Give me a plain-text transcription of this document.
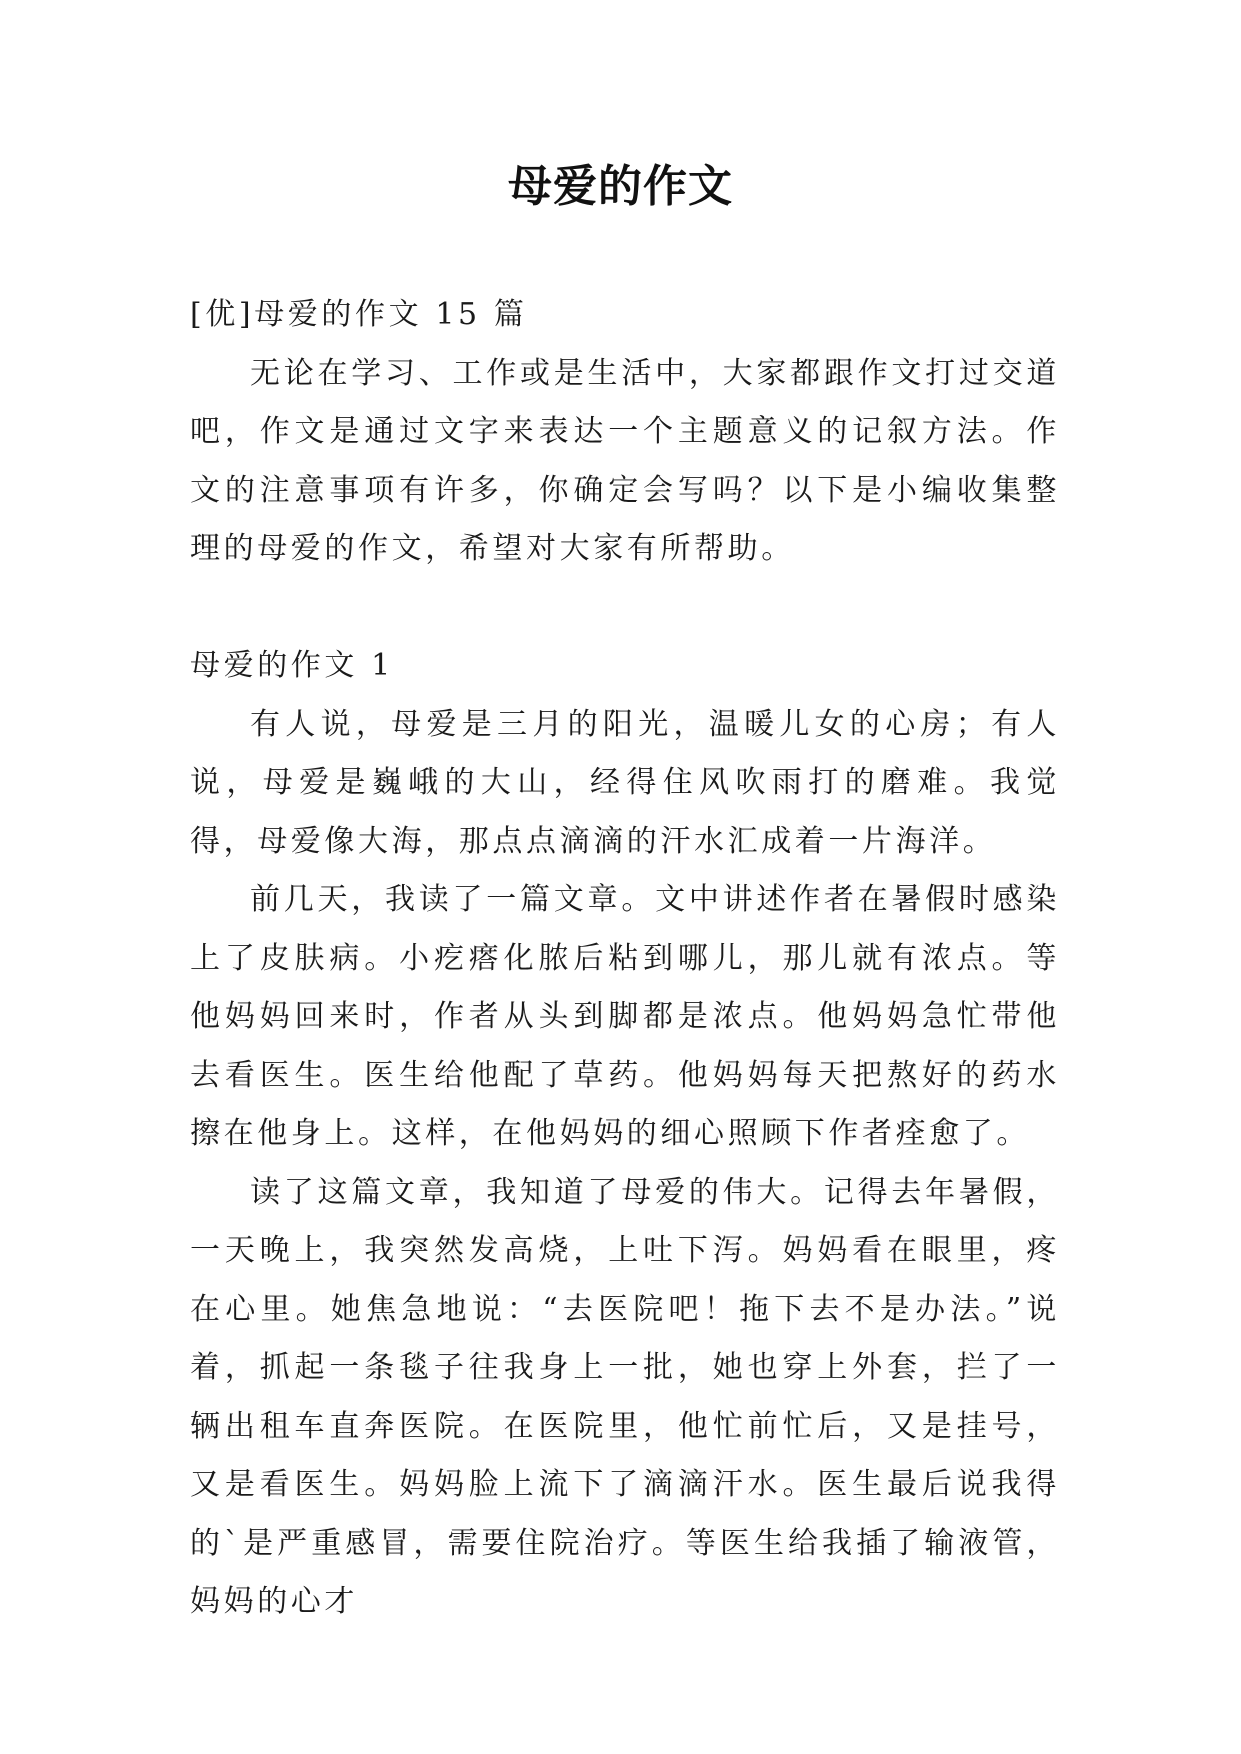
母爱的作文

[优]母爱的作文 15 篇

无论在学习、工作或是生活中，大家都跟作文打过交道吧，作文是通过文字来表达一个主题意义的记叙方法。作文的注意事项有许多，你确定会写吗？以下是小编收集整理的母爱的作文，希望对大家有所帮助。

母爱的作文 1

有人说，母爱是三月的阳光，温暖儿女的心房；有人说，母爱是巍峨的大山，经得住风吹雨打的磨难。我觉得，母爱像大海，那点点滴滴的汗水汇成着一片海洋。

前几天，我读了一篇文章。文中讲述作者在暑假时感染上了皮肤病。小疙瘩化脓后粘到哪儿，那儿就有浓点。等他妈妈回来时，作者从头到脚都是浓点。他妈妈急忙带他去看医生。医生给他配了草药。他妈妈每天把熬好的药水擦在他身上。这样，在他妈妈的细心照顾下作者痊愈了。

读了这篇文章，我知道了母爱的伟大。记得去年暑假，一天晚上，我突然发高烧，上吐下泻。妈妈看在眼里，疼在心里。她焦急地说：“去医院吧！拖下去不是办法。”说着，抓起一条毯子往我身上一批，她也穿上外套，拦了一辆出租车直奔医院。在医院里，他忙前忙后，又是挂号，又是看医生。妈妈脸上流下了滴滴汗水。医生最后说我得的`是严重感冒，需要住院治疗。等医生给我插了输液管，妈妈的心才
